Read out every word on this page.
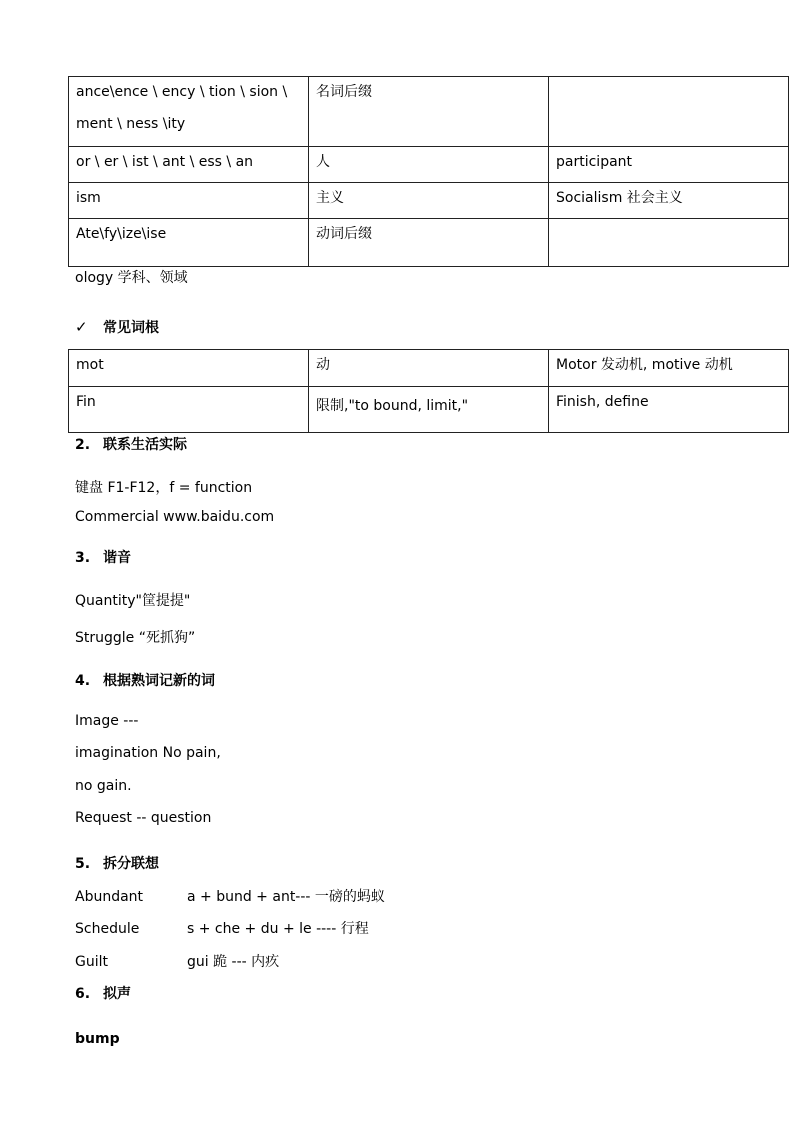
ance\ence \ ency \ tion \ sion \
ment \ ness \ity	名词后缀	
or \ er \ ist \ ant \ ess \ an	人	participant
ism	主义	Socialism 社会主义
Ate\fy\ize\ise	动词后缀	
ology 学科、领域
✓ 常见词根
mot	动	Motor 发动机, motive 动机
Fin	限制,"to bound, limit,"	Finish, define
2. 联系生活实际
键盘 F1-F12，f = function
Commercial www.baidu.com
3. 谐音
Quantity"筐提提"
Struggle “死抓狗”
4. 根据熟词记新的词
Image ---
imagination No pain,
no gain.
Request -- question
5. 拆分联想
Abundant	a + bund + ant--- 一磅的蚂蚁
Schedule	s + che + du + le ---- 行程
Guilt	gui 跪 --- 内疚
6. 拟声
bump
